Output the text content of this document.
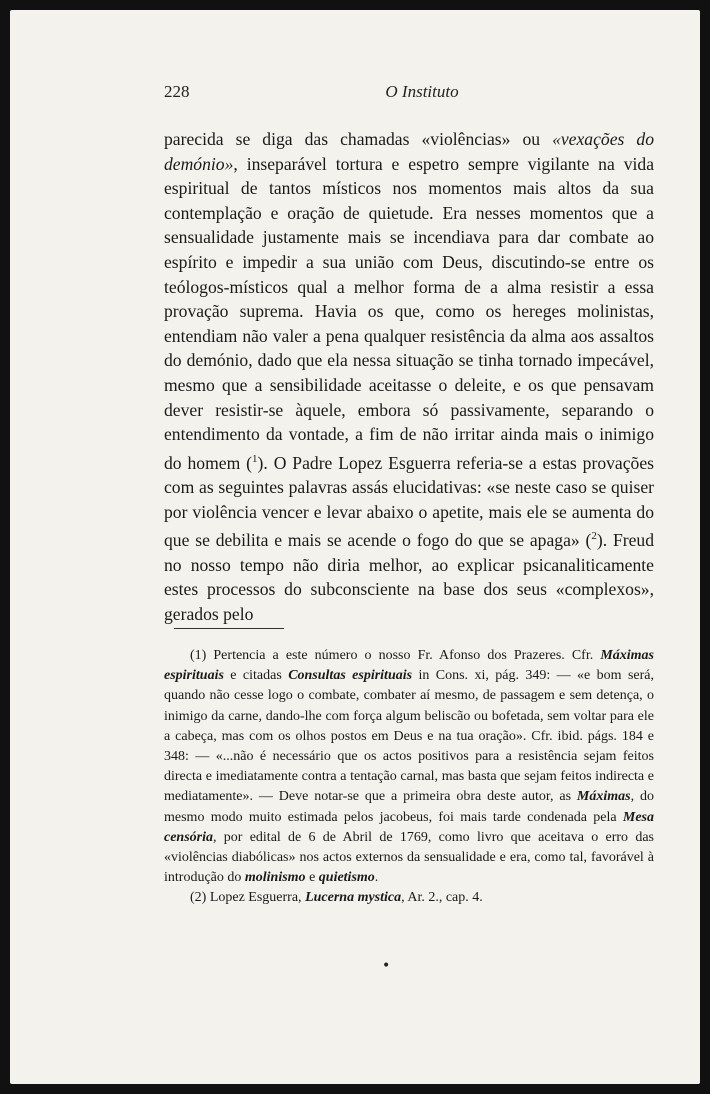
228	O Instituto

parecida se diga das chamadas «violências» ou «vexações do demónio», inseparável tortura e espetro sempre vigilante na vida espiritual de tantos místicos nos momentos mais altos da sua contemplação e oração de quietude. Era nesses momentos que a sensualidade justamente mais se incendiava para dar combate ao espírito e impedir a sua união com Deus, discutindo-se entre os teólogos-místicos qual a melhor forma de a alma resistir a essa provação suprema. Havia os que, como os hereges molinistas, entendiam não valer a pena qualquer resistência da alma aos assaltos do demónio, dado que ela nessa situação se tinha tornado impecável, mesmo que a sensibilidade aceitasse o deleite, e os que pensavam dever resistir-se àquele, embora só passivamente, separando o entendimento da vontade, a fim de não irritar ainda mais o inimigo do homem ($^1$). O Padre Lopez Esguerra referia-se a estas provações com as seguintes palavras assás elucidativas: «se neste caso se quiser por violência vencer e levar abaixo o apetite, mais ele se aumenta do que se debilita e mais se acende o fogo do que se apaga» ($^2$). Freud no nosso tempo não diria melhor, ao explicar psicanaliticamente estes processos do subconsciente na base dos seus «complexos», gerados pelo

(1) Pertencia a este número o nosso Fr. Afonso dos Prazeres. Cfr. Máximas espirituais e citadas Consultas espirituais in Cons. xi, pág. 349: — «e bom será, quando não cesse logo o combate, combater aí mesmo, de passagem e sem detença, o inimigo da carne, dando-lhe com força algum beliscão ou bofetada, sem voltar para ele a cabeça, mas com os olhos postos em Deus e na tua oração». Cfr. ibid. págs. 184 e 348: — «...não é necessário que os actos positivos para a resistência sejam feitos directa e imediatamente contra a tentação carnal, mas basta que sejam feitos indirecta e mediatamente». — Deve notar-se que a primeira obra deste autor, as Máximas, do mesmo modo muito estimada pelos jacobeus, foi mais tarde condenada pela Mesa censória, por edital de 6 de Abril de 1769, como livro que aceitava o erro das «violências diabólicas» nos actos externos da sensualidade e era, como tal, favorável à introdução do molinismo e quietismo.

(2) Lopez Esguerra, Lucerna mystica, Ar. 2., cap. 4.

•
